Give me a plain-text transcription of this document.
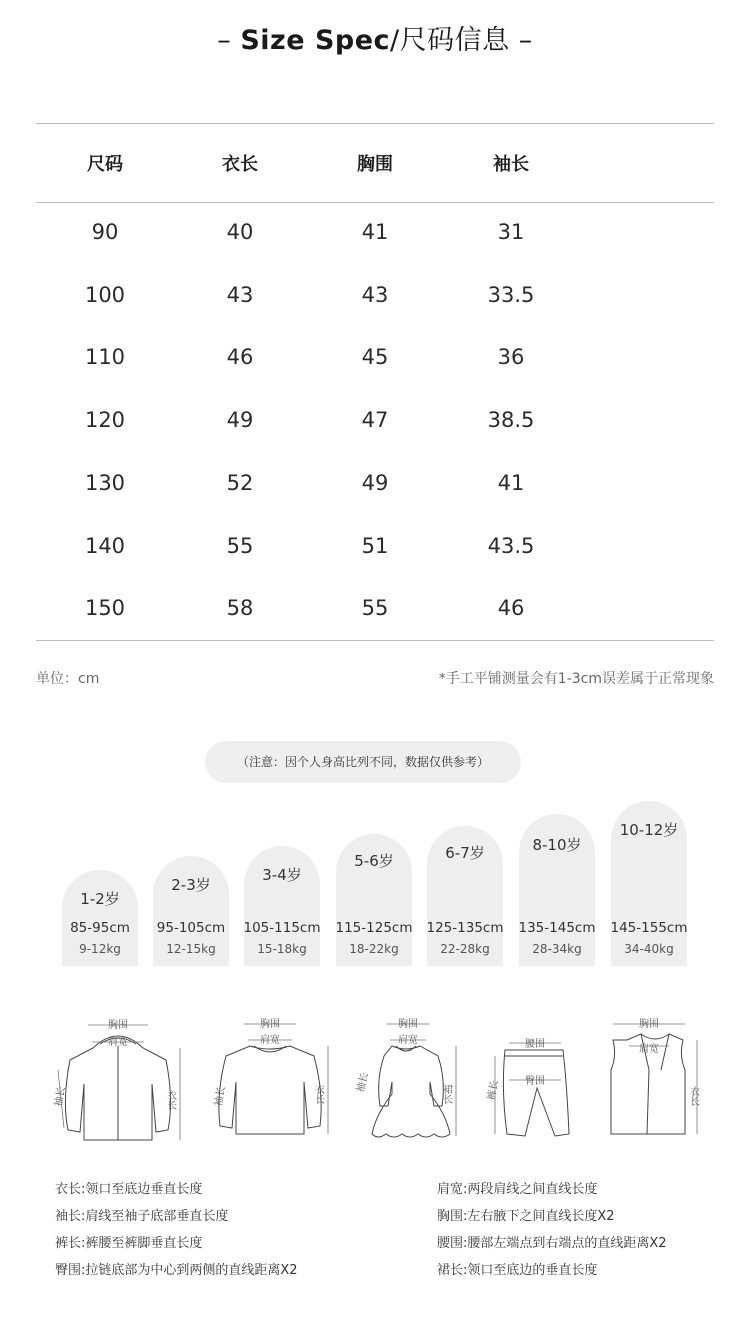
– Size Spec/尺码信息 –
尺码	衣长	胸围	袖长
90	40	41	31
100	43	43	33.5
110	46	45	36
120	49	47	38.5
130	52	49	41
140	55	51	43.5
150	58	55	46
单位：cm	*手工平铺测量会有1-3cm误差属于正常现象
（注意：因个人身高比列不同，数据仅供参考）
1-2岁
85-95cm
9-12kg
2-3岁
95-105cm
12-15kg
3-4岁
105-115cm
15-18kg
5-6岁
115-125cm
18-22kg
6-7岁
125-135cm
22-28kg
8-10岁
135-145cm
28-34kg
10-12岁
145-155cm
34-40kg
胸围
肩宽
袖长	衣长
胸围
肩宽
袖长	衣长
胸围
肩宽
袖长
裙长
腰围
臀围
裤长
胸围
肩宽
衣长
衣长:领口至底边垂直长度
袖长:肩线至袖子底部垂直长度
裤长:裤腰至裤脚垂直长度
臀围:拉链底部为中心到两侧的直线距离X2
肩宽:两段肩线之间直线长度
胸围:左右腋下之间直线长度X2
腰围:腰部左端点到右端点的直线距离X2
裙长:领口至底边的垂直长度
